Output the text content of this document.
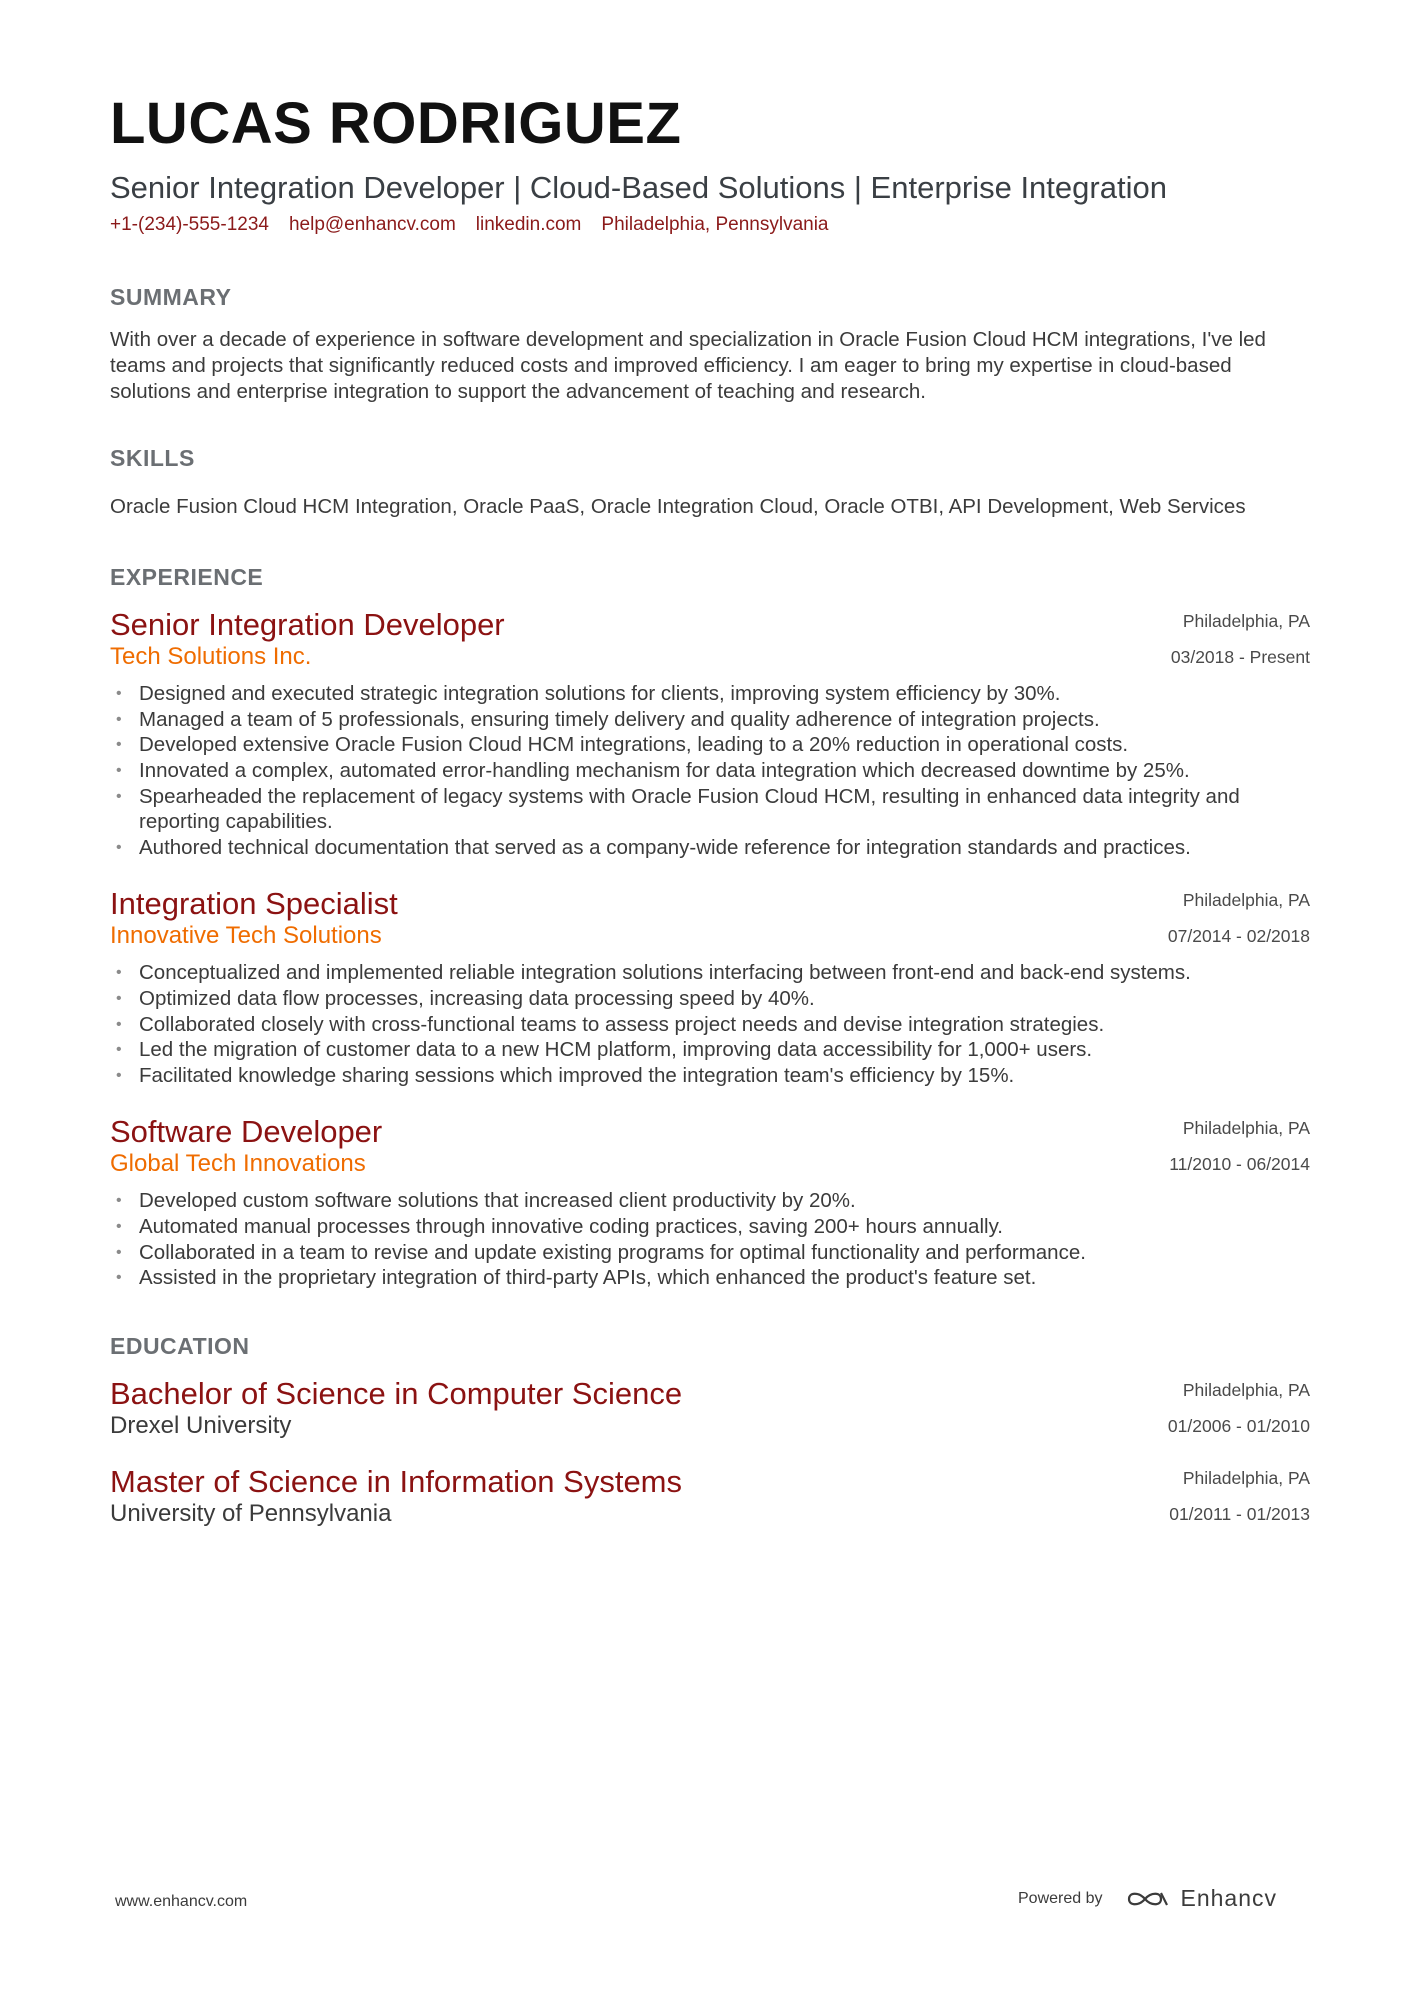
LUCAS RODRIGUEZ
Senior Integration Developer | Cloud-Based Solutions | Enterprise Integration
+1-(234)-555-1234 help@enhancv.com linkedin.com Philadelphia, Pennsylvania
SUMMARY
With over a decade of experience in software development and specialization in Oracle Fusion Cloud HCM integrations, I've led teams and projects that significantly reduced costs and improved efficiency. I am eager to bring my expertise in cloud-based solutions and enterprise integration to support the advancement of teaching and research.
SKILLS
Oracle Fusion Cloud HCM Integration, Oracle PaaS, Oracle Integration Cloud, Oracle OTBI, API Development, Web Services
EXPERIENCE
Senior Integration Developer
Tech Solutions Inc.
Philadelphia, PA
03/2018 - Present
• Designed and executed strategic integration solutions for clients, improving system efficiency by 30%.
• Managed a team of 5 professionals, ensuring timely delivery and quality adherence of integration projects.
• Developed extensive Oracle Fusion Cloud HCM integrations, leading to a 20% reduction in operational costs.
• Innovated a complex, automated error-handling mechanism for data integration which decreased downtime by 25%.
• Spearheaded the replacement of legacy systems with Oracle Fusion Cloud HCM, resulting in enhanced data integrity and reporting capabilities.
• Authored technical documentation that served as a company-wide reference for integration standards and practices.
Integration Specialist
Innovative Tech Solutions
Philadelphia, PA
07/2014 - 02/2018
• Conceptualized and implemented reliable integration solutions interfacing between front-end and back-end systems.
• Optimized data flow processes, increasing data processing speed by 40%.
• Collaborated closely with cross-functional teams to assess project needs and devise integration strategies.
• Led the migration of customer data to a new HCM platform, improving data accessibility for 1,000+ users.
• Facilitated knowledge sharing sessions which improved the integration team's efficiency by 15%.
Software Developer
Global Tech Innovations
Philadelphia, PA
11/2010 - 06/2014
• Developed custom software solutions that increased client productivity by 20%.
• Automated manual processes through innovative coding practices, saving 200+ hours annually.
• Collaborated in a team to revise and update existing programs for optimal functionality and performance.
• Assisted in the proprietary integration of third-party APIs, which enhanced the product's feature set.
EDUCATION
Bachelor of Science in Computer Science
Drexel University
Philadelphia, PA
01/2006 - 01/2010
Master of Science in Information Systems
University of Pennsylvania
Philadelphia, PA
01/2011 - 01/2013
www.enhancv.com	Powered by	Enhancv
